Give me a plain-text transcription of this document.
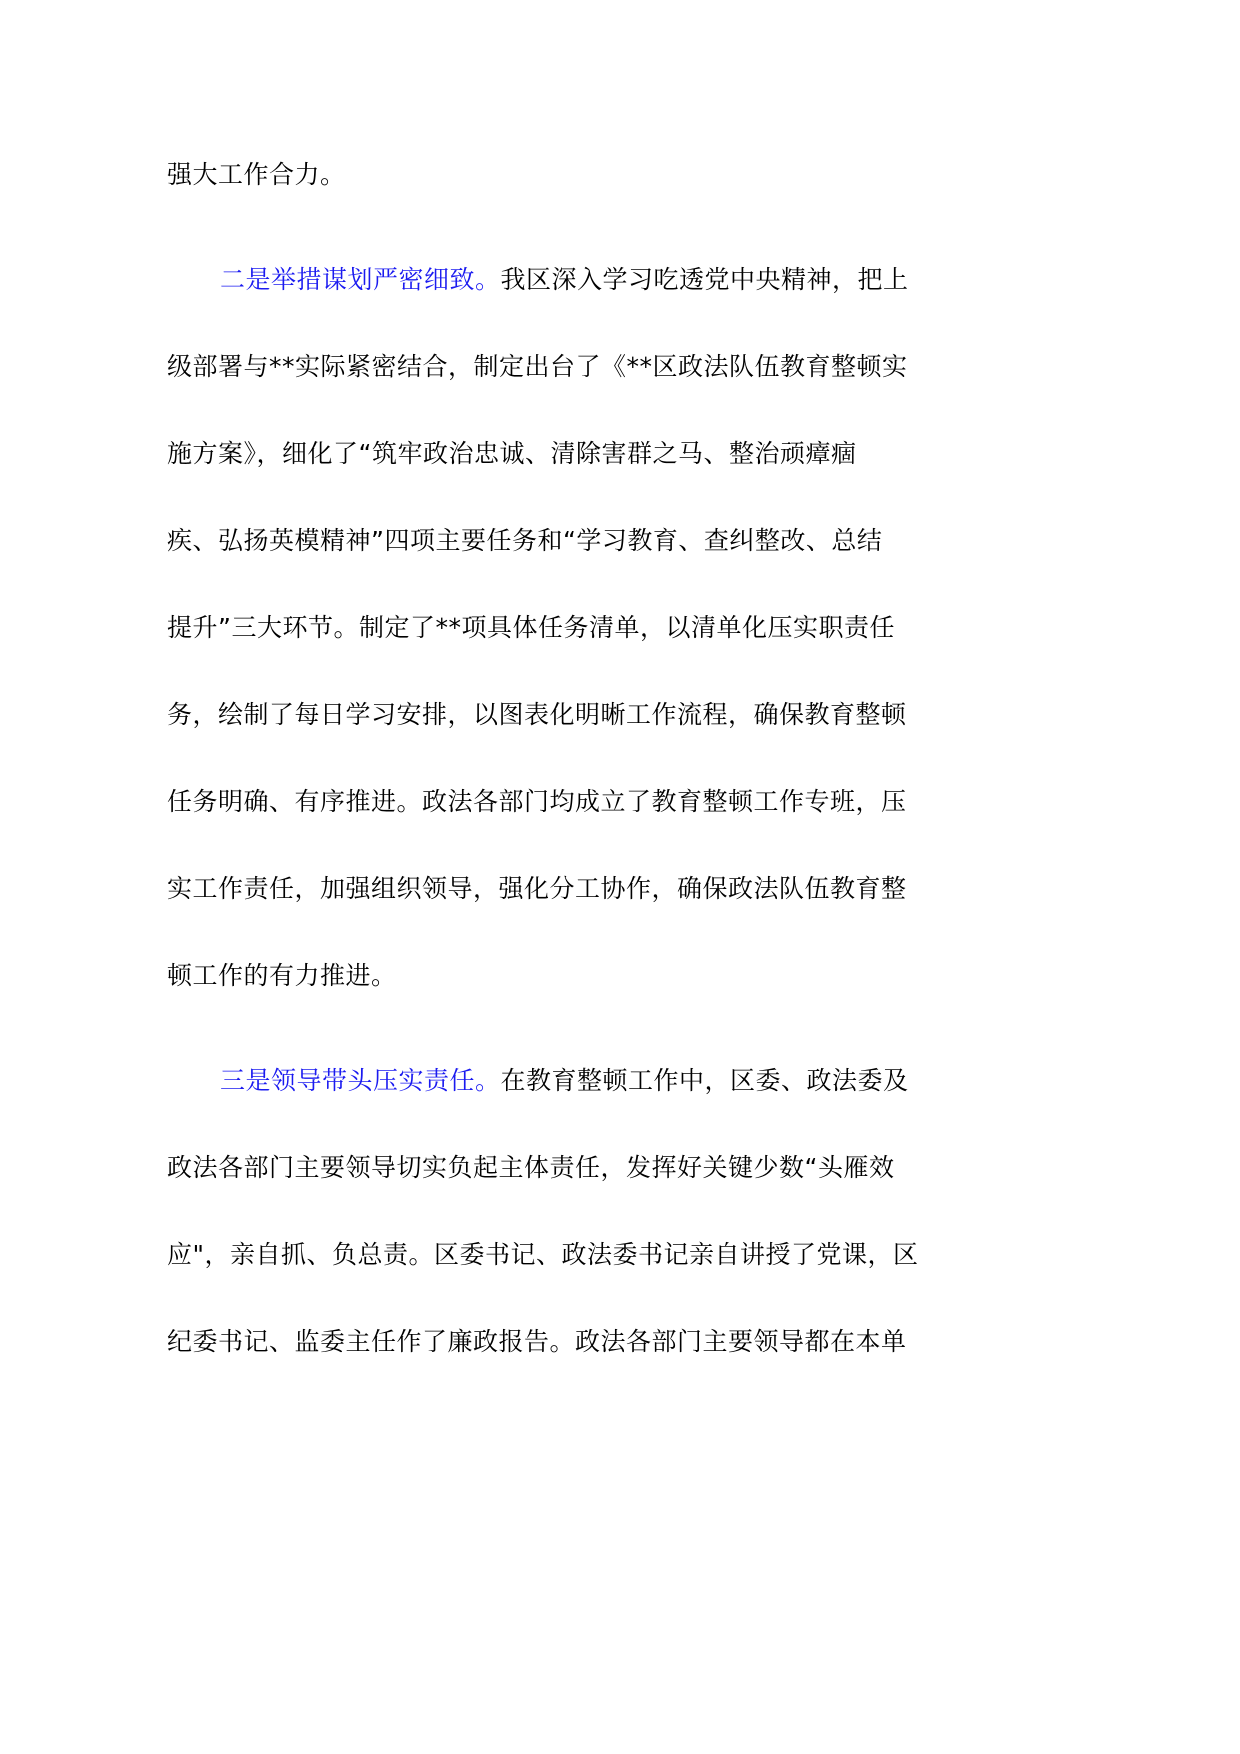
强大工作合力。
二是举措谋划严密细致。我区深入学习吃透党中央精神，把上
级部署与**实际紧密结合，制定出台了《**区政法队伍教育整顿实
施方案》，细化了“筑牢政治忠诚、清除害群之马、整治顽瘴痼
疾、弘扬英模精神”四项主要任务和“学习教育、查纠整改、总结
提升”三大环节。制定了**项具体任务清单，以清单化压实职责任
务，绘制了每日学习安排，以图表化明晰工作流程，确保教育整顿
任务明确、有序推进。政法各部门均成立了教育整顿工作专班，压
实工作责任，加强组织领导，强化分工协作，确保政法队伍教育整
顿工作的有力推进。
三是领导带头压实责任。在教育整顿工作中，区委、政法委及
政法各部门主要领导切实负起主体责任，发挥好关键少数“头雁效
应"，亲自抓、负总责。区委书记、政法委书记亲自讲授了党课，区
纪委书记、监委主任作了廉政报告。政法各部门主要领导都在本单
